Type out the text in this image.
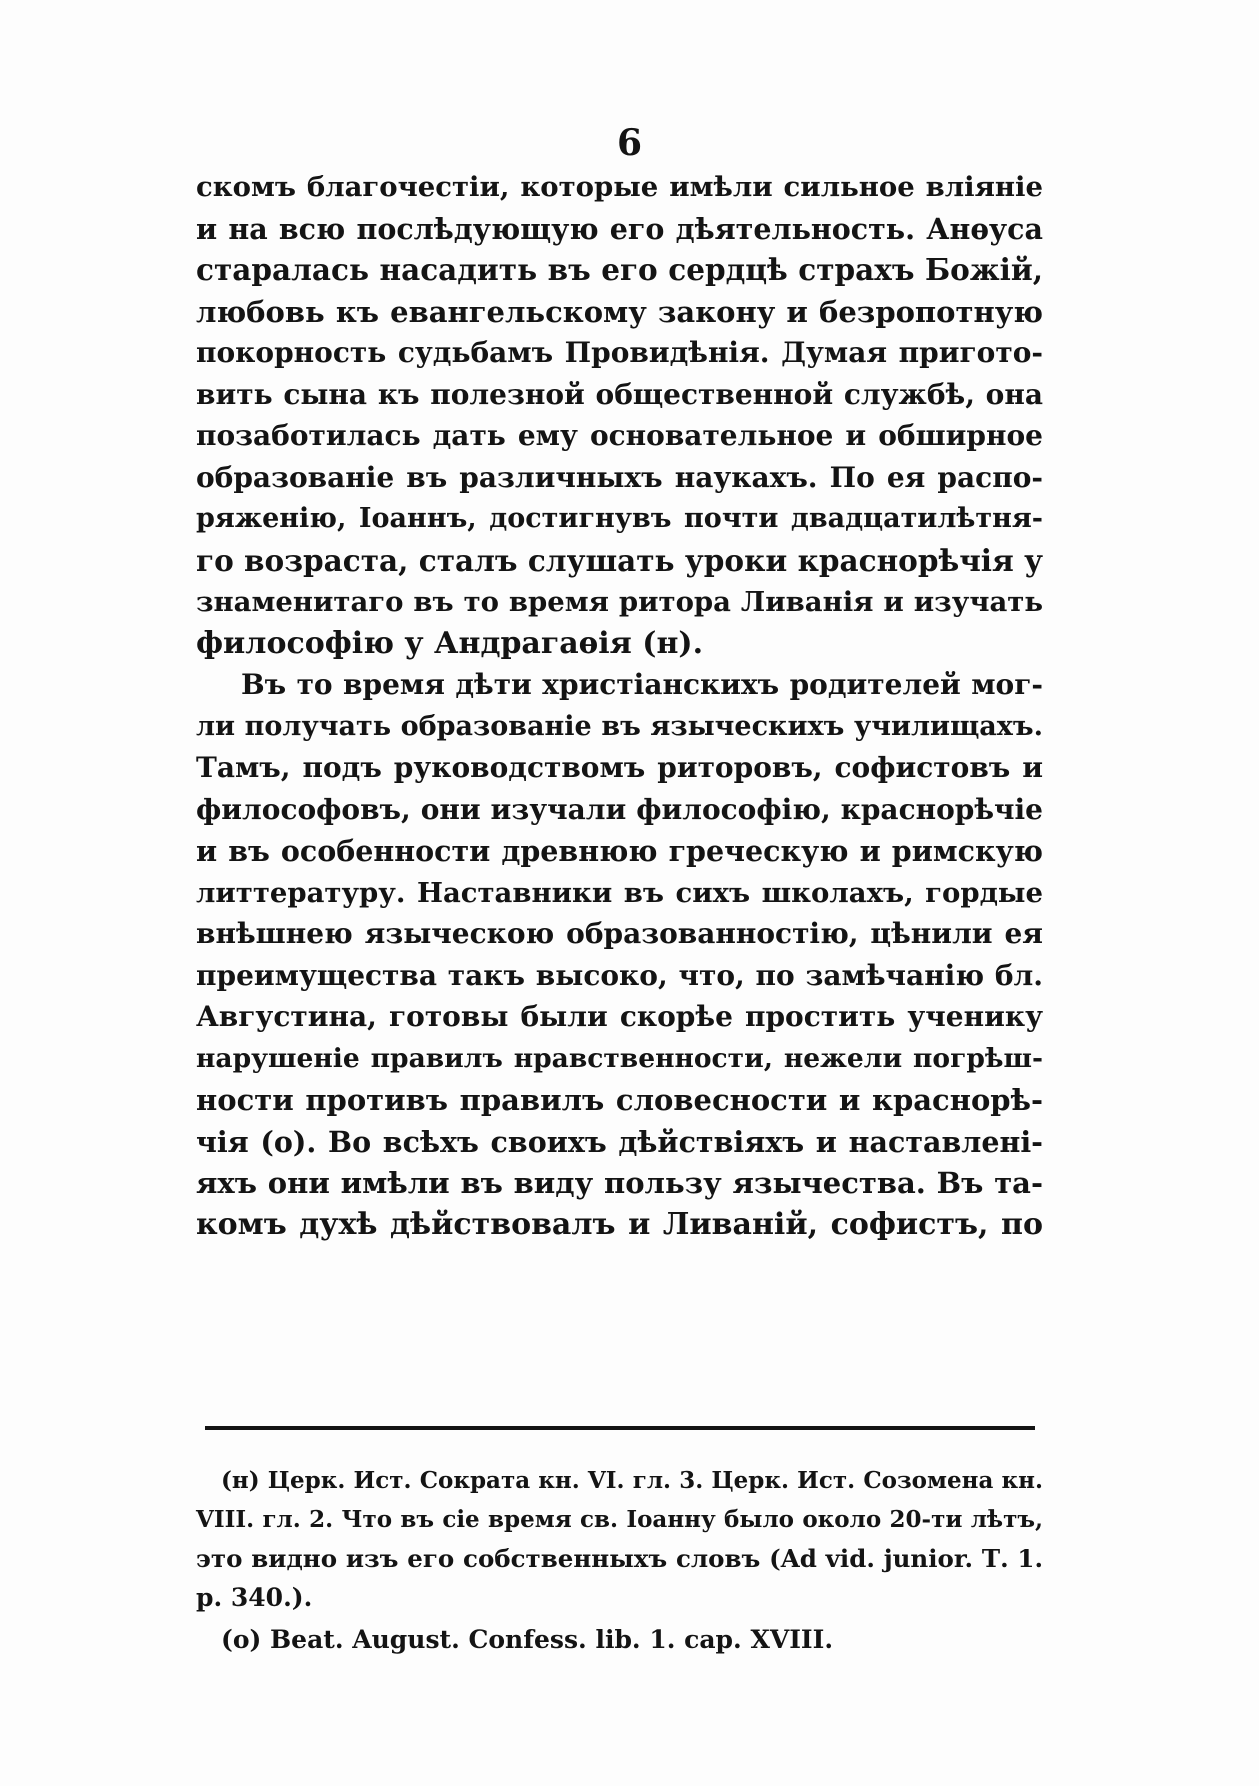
6
скомъ благочестіи, которые имѣли сильное вліяніе
и на всю послѣдующую его дѣятельность. Анѳуса
старалась насадить въ его сердцѣ страхъ Божій,
любовь къ евангельскому закону и безропотную
покорность судьбамъ Провидѣнія. Думая пригото-
вить сына къ полезной общественной службѣ, она
позаботилась дать ему основательное и обширное
образованіе въ различныхъ наукахъ. По ея распо-
ряженію, Іоаннъ, достигнувъ почти двадцатилѣтня-
го возраста, сталъ слушать уроки краснорѣчія у
знаменитаго въ то время ритора Ливанія и изучать
философію у Андрагаѳія (н).
Въ то время дѣти христіанскихъ родителей мог-
ли получать образованіе въ языческихъ училищахъ.
Тамъ, подъ руководствомъ риторовъ, софистовъ и
философовъ, они изучали философію, краснорѣчіе
и въ особенности древнюю греческую и римскую
литтературу. Наставники въ сихъ школахъ, гордые
внѣшнею языческою образованностію, цѣнили ея
преимущества такъ высоко, что, по замѣчанію бл.
Августина, готовы были скорѣе простить ученику
нарушеніе правилъ нравственности, нежели погрѣш-
ности противъ правилъ словесности и краснорѣ-
чія (о). Во всѣхъ своихъ дѣйствіяхъ и наставленi-
яхъ они имѣли въ виду пользу язычества. Въ та-
комъ духѣ дѣйствовалъ и Ливаній, софистъ, по
(н) Церк. Ист. Сократа кн. VI. гл. 3. Церк. Ист. Созомена кн.
VIII. гл. 2. Что въ сіе время св. Іоанну было около 20-ти лѣтъ,
это видно изъ его собственныхъ словъ (Ad vid. junior. Т. 1.
р. 340.).
(о) Beat. August. Confess. lib. 1. cap. XVIII.
